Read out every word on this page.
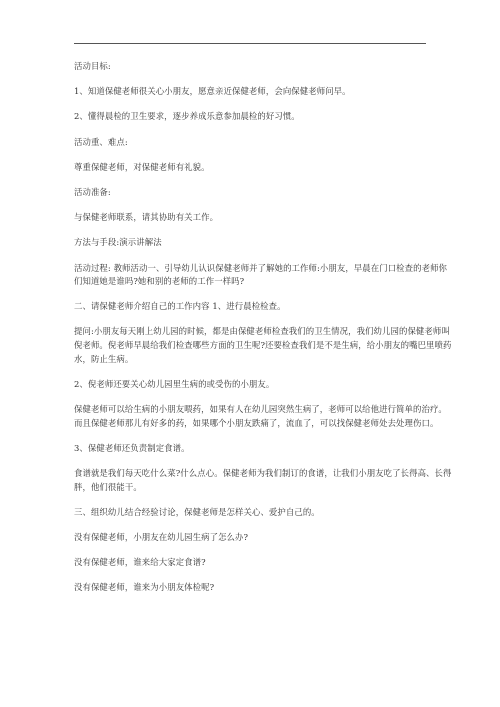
活动目标:

1、知道保健老师很关心小朋友，愿意亲近保健老师，会向保健老师问早。

2、懂得晨检的卫生要求，逐步养成乐意参加晨检的好习惯。

活动重、难点:

尊重保健老师，对保健老师有礼貌。

活动准备:

与保健老师联系，请其协助有关工作。

方法与手段:演示讲解法

活动过程: 教师活动一、引导幼儿认识保健老师并了解她的工作师:小朋友，早晨在门口检查的老师你们知道她是谁吗?她和别的老师的工作一样吗?

二、请保健老师介绍自己的工作内容 1、进行晨检检查。

提问:小朋友每天刚上幼儿园的时候，都是由保健老师检查我们的卫生情况，我们幼儿园的保健老师叫倪老师。倪老师早晨给我们检查哪些方面的卫生呢?还要检查我们是不是生病，给小朋友的嘴巴里喷药水，防止生病。

2、倪老师还要关心幼儿园里生病的或受伤的小朋友。

保健老师可以给生病的小朋友喂药，如果有人在幼儿园突然生病了，老师可以给他进行简单的治疗。而且保健老师那儿有好多的药，如果哪个小朋友跌痛了，流血了，可以找保健老师处去处理伤口。

3、保健老师还负责制定食谱。

食谱就是我们每天吃什么菜?什么点心。保健老师为我们制订的食谱，让我们小朋友吃了长得高、长得胖，他们很能干。

三、组织幼儿结合经验讨论，保健老师是怎样关心、爱护自己的。

没有保健老师，小朋友在幼儿园生病了怎么办?

没有保健老师，谁来给大家定食谱?

没有保健老师，谁来为小朋友体检呢?
